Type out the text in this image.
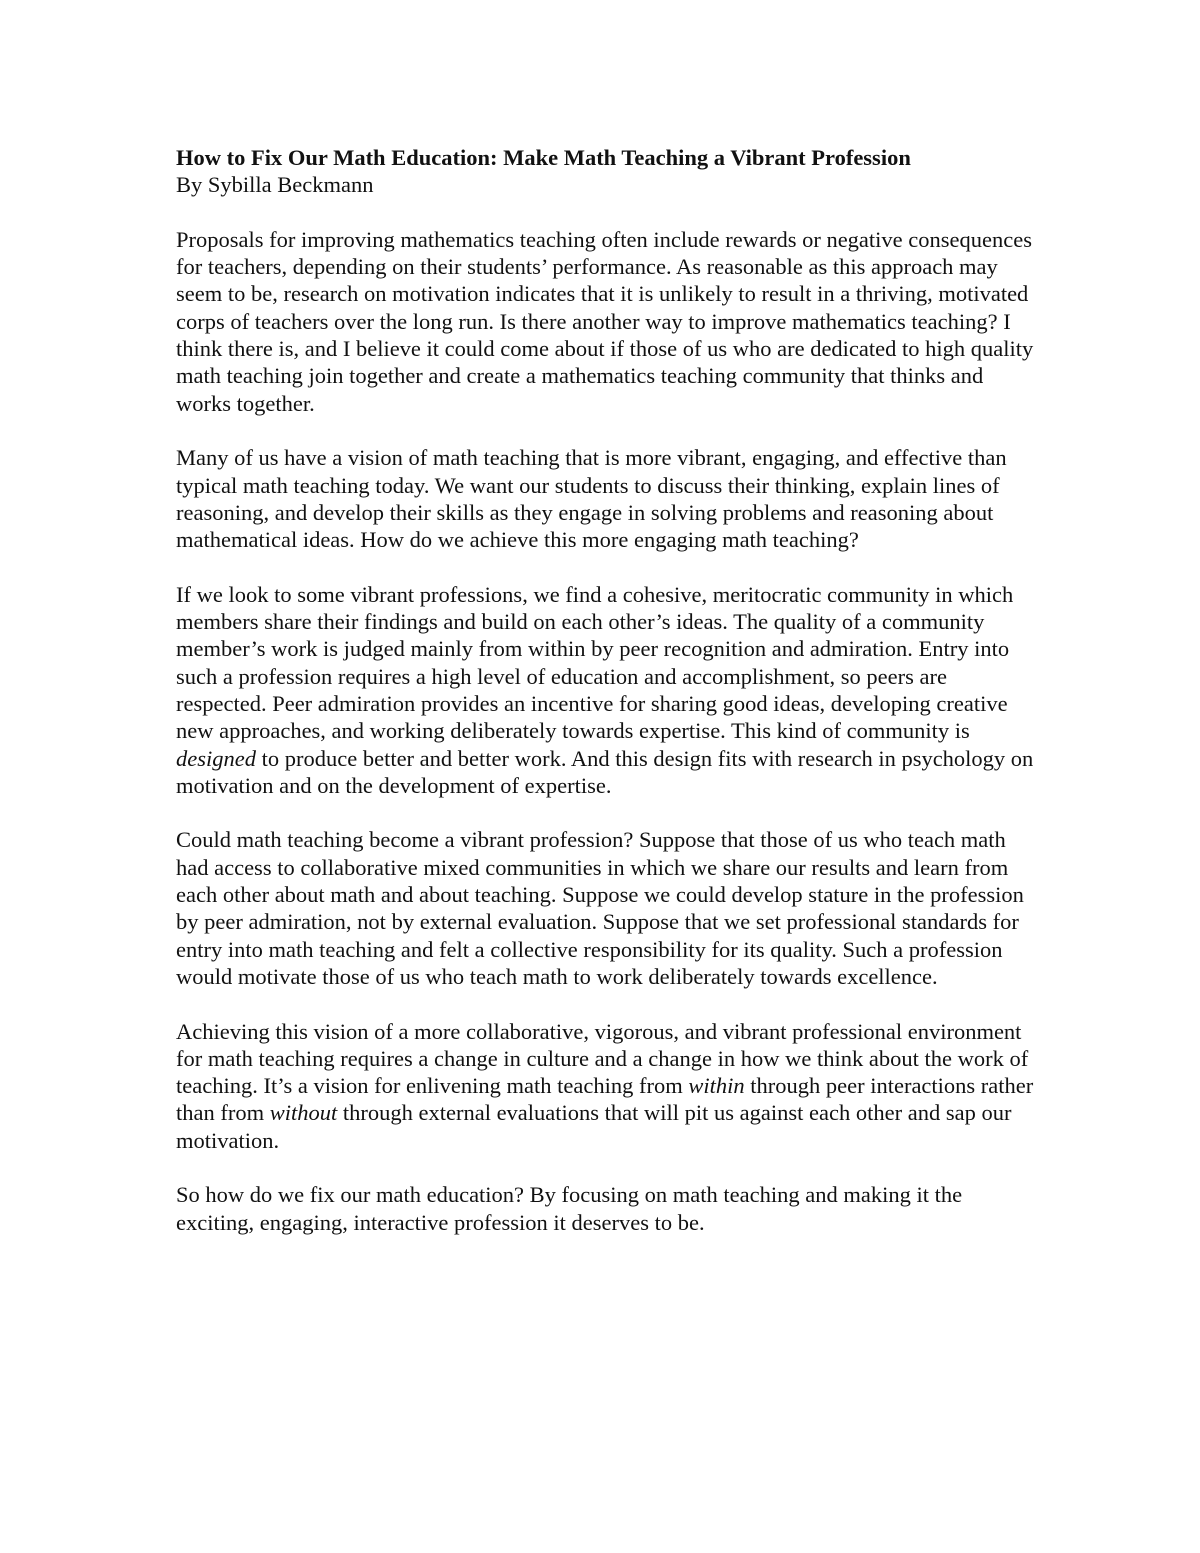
How to Fix Our Math Education: Make Math Teaching a Vibrant Profession

By Sybilla Beckmann

Proposals for improving mathematics teaching often include rewards or negative consequences for teachers, depending on their students’ performance. As reasonable as this approach may seem to be, research on motivation indicates that it is unlikely to result in a thriving, motivated corps of teachers over the long run. Is there another way to improve mathematics teaching? I think there is, and I believe it could come about if those of us who are dedicated to high quality math teaching join together and create a mathematics teaching community that thinks and works together.

Many of us have a vision of math teaching that is more vibrant, engaging, and effective than typical math teaching today. We want our students to discuss their thinking, explain lines of reasoning, and develop their skills as they engage in solving problems and reasoning about mathematical ideas. How do we achieve this more engaging math teaching?

If we look to some vibrant professions, we find a cohesive, meritocratic community in which members share their findings and build on each other’s ideas. The quality of a community member’s work is judged mainly from within by peer recognition and admiration. Entry into such a profession requires a high level of education and accomplishment, so peers are respected. Peer admiration provides an incentive for sharing good ideas, developing creative new approaches, and working deliberately towards expertise. This kind of community is designed to produce better and better work. And this design fits with research in psychology on motivation and on the development of expertise.

Could math teaching become a vibrant profession? Suppose that those of us who teach math had access to collaborative mixed communities in which we share our results and learn from each other about math and about teaching. Suppose we could develop stature in the profession by peer admiration, not by external evaluation. Suppose that we set professional standards for entry into math teaching and felt a collective responsibility for its quality. Such a profession would motivate those of us who teach math to work deliberately towards excellence.

Achieving this vision of a more collaborative, vigorous, and vibrant professional environment for math teaching requires a change in culture and a change in how we think about the work of teaching. It’s a vision for enlivening math teaching from within through peer interactions rather than from without through external evaluations that will pit us against each other and sap our motivation.

So how do we fix our math education? By focusing on math teaching and making it the exciting, engaging, interactive profession it deserves to be.
